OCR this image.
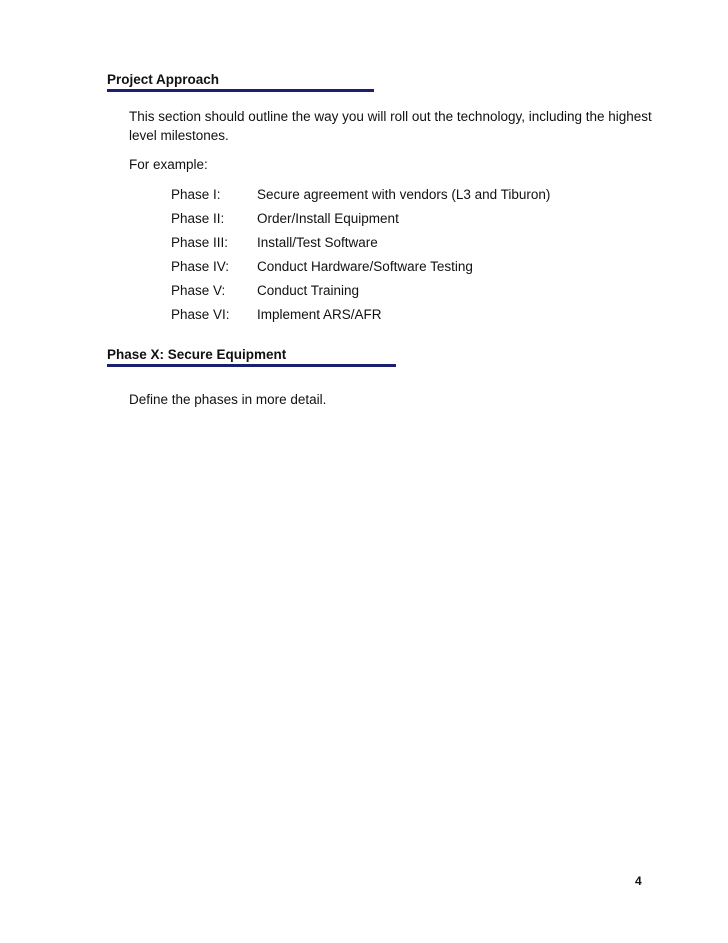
Project Approach

This section should outline the way you will roll out the technology, including the highest level milestones.

For example:

Phase I:	Secure agreement with vendors (L3 and Tiburon)
Phase II: Order/Install Equipment
Phase III: Install/Test Software
Phase IV: Conduct Hardware/Software Testing
Phase V: Conduct Training
Phase VI: Implement ARS/AFR
Phase X: Secure Equipment

Define the phases in more detail.

4
